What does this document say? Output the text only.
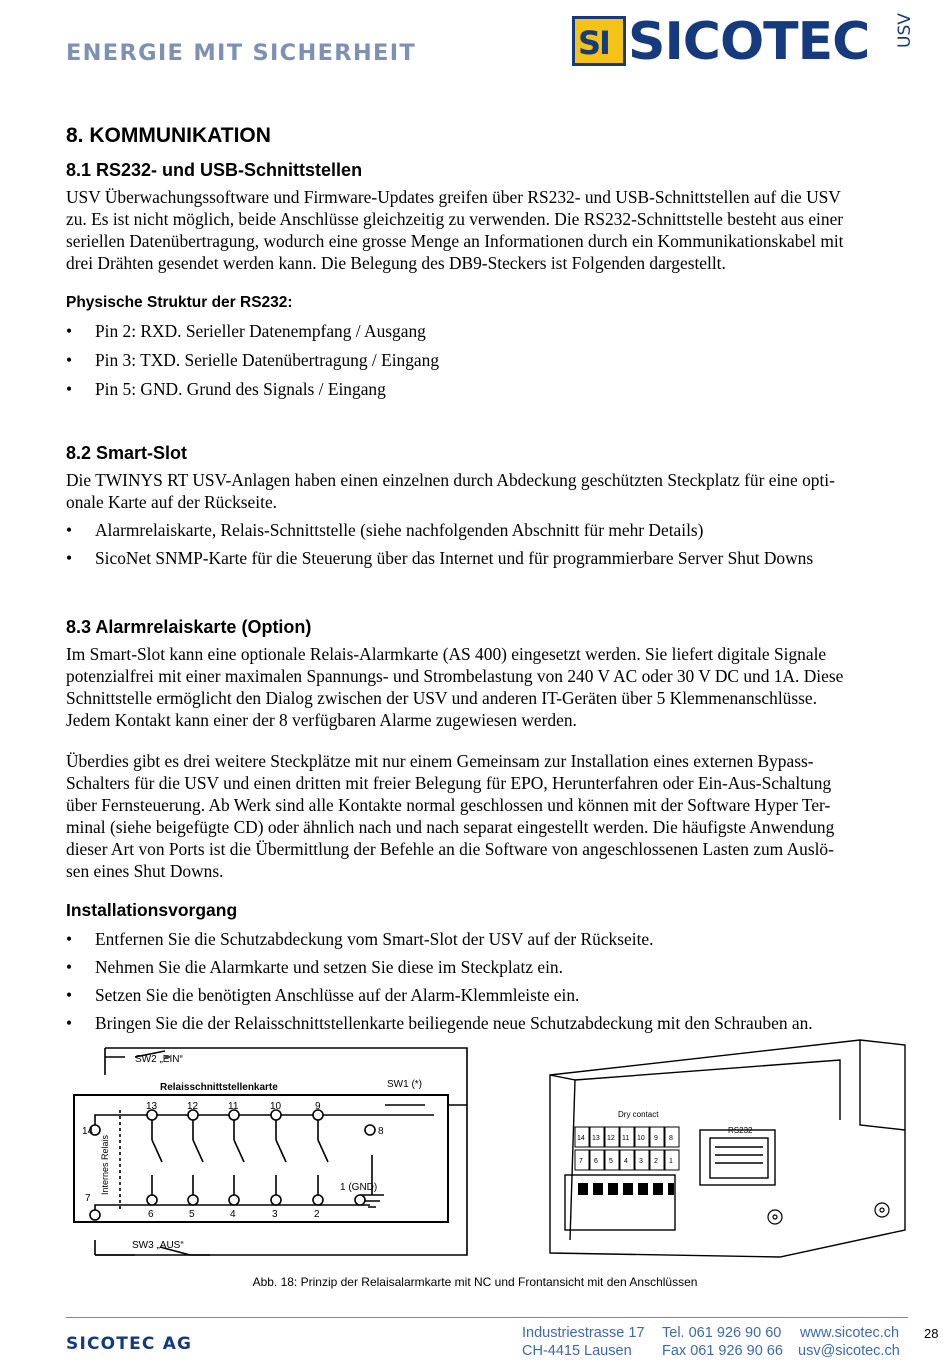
ENERGIE MIT SICHERHEIT	SI SICOTEC USV
8. KOMMUNIKATION
8.1 RS232- und USB-Schnittstellen
USV Überwachungssoftware und Firmware-Updates greifen über RS232- und USB-Schnittstellen auf die USV
zu. Es ist nicht möglich, beide Anschlüsse gleichzeitig zu verwenden. Die RS232-Schnittstelle besteht aus einer
seriellen Datenübertragung, wodurch eine grosse Menge an Informationen durch ein Kommunikationskabel mit
drei Drähten gesendet werden kann. Die Belegung des DB9-Steckers ist Folgenden dargestellt.
Physische Struktur der RS232:
• Pin 2: RXD. Serieller Datenempfang / Ausgang
• Pin 3: TXD. Serielle Datenübertragung / Eingang
• Pin 5: GND. Grund des Signals / Eingang
8.2 Smart-Slot
Die TWINYS RT USV-Anlagen haben einen einzelnen durch Abdeckung geschützten Steckplatz für eine opti-
onale Karte auf der Rückseite.
• Alarmrelaiskarte, Relais-Schnittstelle (siehe nachfolgenden Abschnitt für mehr Details)
• SicoNet SNMP-Karte für die Steuerung über das Internet und für programmierbare Server Shut Downs
8.3 Alarmrelaiskarte (Option)
Im Smart-Slot kann eine optionale Relais-Alarmkarte (AS 400) eingesetzt werden. Sie liefert digitale Signale
potenzialfrei mit einer maximalen Spannungs- und Strombelastung von 240 V AC oder 30 V DC und 1A. Diese
Schnittstelle ermöglicht den Dialog zwischen der USV und anderen IT-Geräten über 5 Klemmenanschlüsse.
Jedem Kontakt kann einer der 8 verfügbaren Alarme zugewiesen werden.
Überdies gibt es drei weitere Steckplätze mit nur einem Gemeinsam zur Installation eines externen Bypass-
Schalters für die USV und einen dritten mit freier Belegung für EPO, Herunterfahren oder Ein-Aus-Schaltung
über Fernsteuerung. Ab Werk sind alle Kontakte normal geschlossen und können mit der Software Hyper Ter-
minal (siehe beigefügte CD) oder ähnlich nach und nach separat eingestellt werden. Die häufigste Anwendung
dieser Art von Ports ist die Übermittlung der Befehle an die Software von angeschlossenen Lasten zum Auslö-
sen eines Shut Downs.
Installationsvorgang
• Entfernen Sie die Schutzabdeckung vom Smart-Slot der USV auf der Rückseite.
• Nehmen Sie die Alarmkarte und setzen Sie diese im Steckplatz ein.
• Setzen Sie die benötigten Anschlüsse auf der Alarm-Klemmleiste ein.
• Bringen Sie die der Relaisschnittstellenkarte beiliegende neue Schutzabdeckung mit den Schrauben an.
SW2 „EIN“
Relaisschnittstellenkarte	SW1 (*)
Internes Relais
13	12	11	10	9
6	5	4	3	2
14
7
8
1 (GND)
SW3 „AUS“
Dry contact
RS232
14 13 12 11 10 9 8
7 6 5 4 3 2 1
Abb. 18: Prinzip der Relaisalarmkarte mit NC und Frontansicht mit den Anschlüssen
SICOTEC AG
Industriestrasse 17 Tel. 061 926 90 60 www.sicotec.ch
CH-4415 Lausen Fax 061 926 90 66 usv@sicotec.ch
28
